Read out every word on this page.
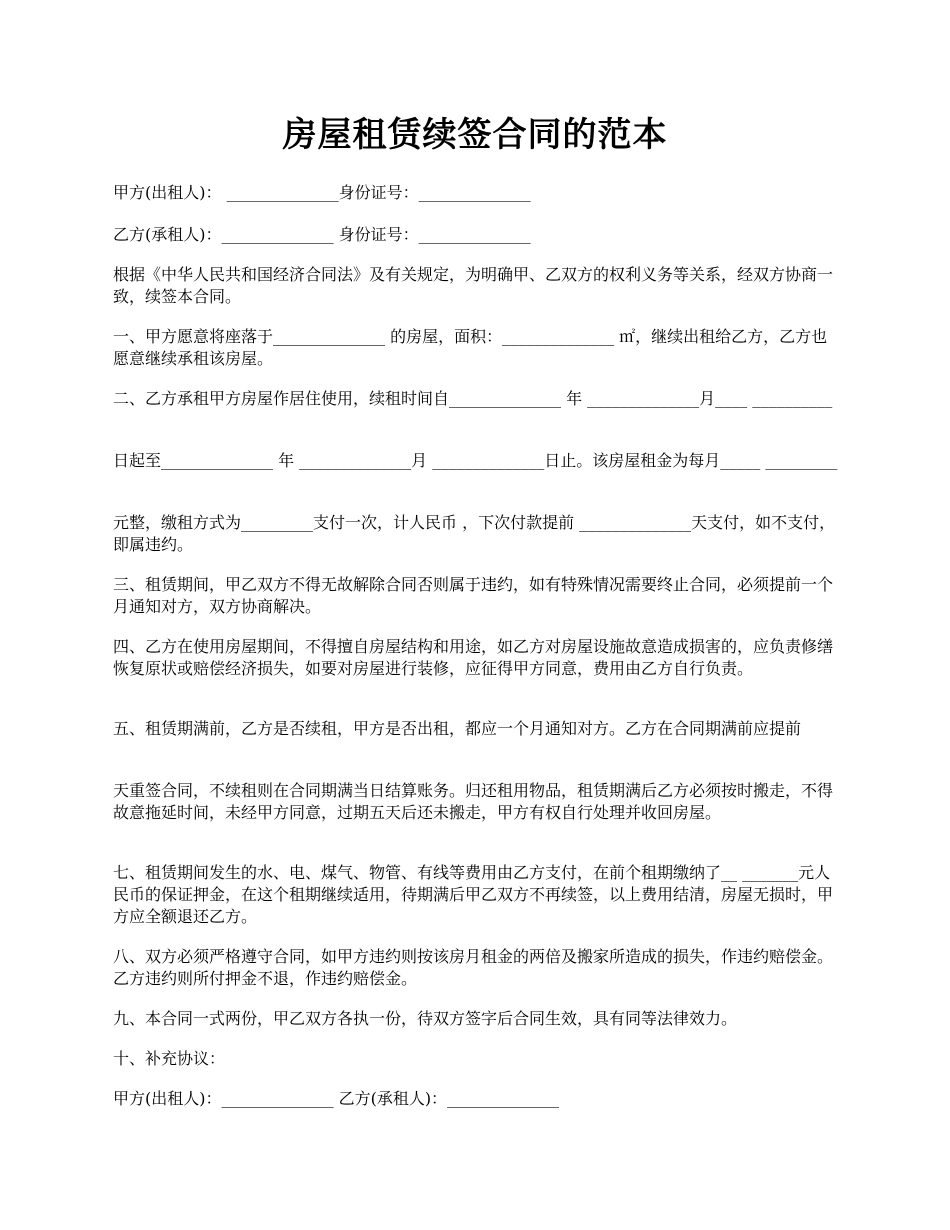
房屋租赁续签合同的范本

甲方(出租人)： ______________身份证号：______________

乙方(承租人)：______________ 身份证号：______________

根据《中华人民共和国经济合同法》及有关规定，为明确甲、乙双方的权利义务等关系，经双方协商一致，续签本合同。

一、甲方愿意将座落于______________ 的房屋，面积：______________ ㎡，继续出租给乙方，乙方也愿意继续承租该房屋。

二、乙方承租甲方房屋作居住使用，续租时间自______________ 年 ______________月____ __________

日起至______________ 年 ______________月 ______________日止。该房屋租金为每月_____ _________

元整，缴租方式为_________支付一次，计人民币 ，下次付款提前 ______________天支付，如不支付，即属违约。

三、租赁期间，甲乙双方不得无故解除合同否则属于违约，如有特殊情况需要终止合同，必须提前一个月通知对方，双方协商解决。

四、乙方在使用房屋期间，不得擅自房屋结构和用途，如乙方对房屋设施故意造成损害的，应负责修缮恢复原状或赔偿经济损失，如要对房屋进行装修，应征得甲方同意，费用由乙方自行负责。

五、租赁期满前，乙方是否续租，甲方是否出租，都应一个月通知对方。乙方在合同期满前应提前

天重签合同，不续租则在合同期满当日结算账务。归还租用物品，租赁期满后乙方必须按时搬走，不得故意拖延时间，未经甲方同意，过期五天后还未搬走，甲方有权自行处理并收回房屋。

七、租赁期间发生的水、电、煤气、物管、有线等费用由乙方支付，在前个租期缴纳了__ _______元人民币的保证押金，在这个租期继续适用，待期满后甲乙双方不再续签，以上费用结清，房屋无损时，甲方应全额退还乙方。

八、双方必须严格遵守合同，如甲方违约则按该房月租金的两倍及搬家所造成的损失，作违约赔偿金。乙方违约则所付押金不退，作违约赔偿金。

九、本合同一式两份，甲乙双方各执一份，待双方签字后合同生效，具有同等法律效力。

十、补充协议：

甲方(出租人)：______________ 乙方(承租人)：______________
